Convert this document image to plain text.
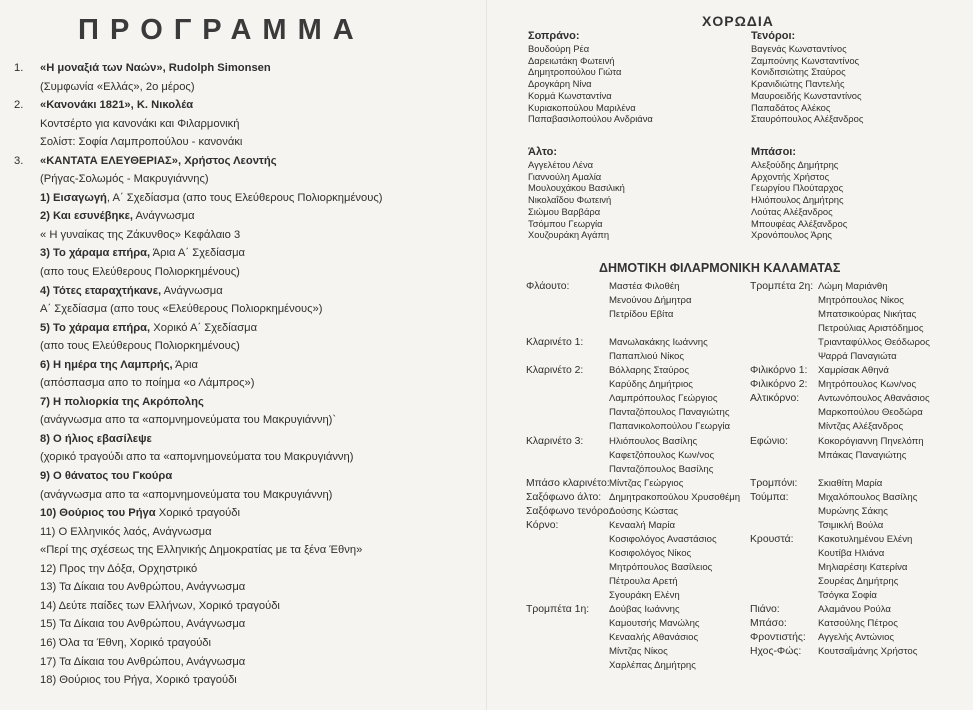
ΠΡΟΓΡΑΜΜΑ
1. «Η μοναξιά των Ναών», Rudolph Simonsen
(Συμφωνία «Ελλάς», 2ο μέρος)
2. «Κανονάκι 1821», Κ. Νικολέα
Κοντσέρτο για κανονάκι και Φιλαρμονική
Σολίστ: Σοφία Λαμπροπούλου - κανονάκι
3. «ΚΑΝΤΑΤΑ ΕΛΕΥΘΕΡΙΑΣ», Χρήστος Λεοντής
(Ρήγας-Σολωμός - Μακρυγιάννης)
1) Εισαγωγή, Α΄ Σχεδίασμα (απο τους Ελεύθερους Πολιορκημένους)
2) Και εσυνέβηκε, Ανάγνωσμα
« Η γυναίκας της Ζάκυνθος» Κεφάλαιο 3
3) Το χάραμα επήρα, Άρια Α΄ Σχεδίασμα
(απο τους Ελεύθερους Πολιορκημένους)
4) Τότες εταραχτήκανε, Ανάγνωσμα
Α΄ Σχεδίασμα (απο τους «Ελεύθερους Πολιορκημένους»)
5) Το χάραμα επήρα, Χορικό Α΄ Σχεδίασμα
(απο τους Ελεύθερους Πολιορκημένους)
6) Η ημέρα της Λαμπρής, Άρια
(απόσπασμα απο το ποίημα «ο Λάμπρος»)
7) Η πολιορκία της Ακρόπολης
(ανάγνωσμα απο τα «απομνημονεύματα του Μακρυγιάννη)`
8) Ο ήλιος εβασίλεψε
(χορικό τραγούδι απο τα «απομνημονεύματα του Μακρυγιάννη)
9) Ο θάνατος του Γκούρα
(ανάγνωσμα απο τα «απομνημονεύματα του Μακρυγιάννη)
10) Θούριος του Ρήγα Χορικό τραγούδι
11) Ο Ελληνικός λαός, Ανάγνωσμα
«Περί της σχέσεως της Ελληνικής Δημοκρατίας με τα ξένα Έθνη»
12) Προς την Δόξα, Ορχηστρικό
13) Τα Δίκαια του Ανθρώπου, Ανάγνωσμα
14) Δεύτε παίδες των Ελλήνων, Χορικό τραγούδι
15) Τα Δίκαια του Ανθρώπου, Ανάγνωσμα
16) Όλα τα Έθνη, Χορικό τραγούδι
17) Τα Δίκαια του Ανθρώπου, Ανάγνωσμα
18) Θούριος του Ρήγα, Χορικό τραγούδι
ΧΟΡΩΔΙΑ
Σοπράνο:
Βουδούρη Ρέα
Δαρειωτάκη Φωτεινή
Δημητροπούλου Γιώτα
Δρογκάρη Νίνα
Κορμά Κωνσταντίνα
Κυριακοπούλου Μαριλένα
Παπαβασιλοπούλου Ανδριάνα
Άλτο:
Αγγελέτου Λένα
Γιαννούλη Αμαλία
Μουλουχάκου Βασιλική
Νικολαΐδου Φωτεινή
Σιώμου Βαρβάρα
Τσόμπου Γεωργία
Χουζουράκη Αγάπη
Τενόροι:
Βαγενάς Κωνσταντίνος
Ζαμπούνης Κωνσταντίνος
Κονιδιτσιώτης Σταύρος
Κρανιδιώτης Παντελής
Μαυροειδής Κωνσταντίνος
Παπαδάτος Αλέκος
Σταυρόπουλος Αλέξανδρος
Μπάσοι:
Αλεξούδης Δημήτρης
Αρχοντής Χρήστος
Γεωργίου Πλούταρχος
Ηλιόπουλος Δημήτρης
Λούτας Αλέξανδρος
Μπουφέας Αλέξανδρος
Χρονόπουλος Άρης
ΔΗΜΟΤΙΚΗ ΦΙΛΑΡΜΟΝΙΚΗ ΚΑΛΑΜΑΤΑΣ
Φλάουτο:	Μαστέα Φιλοθέη
Μενούνου Δήμητρα
Πετρίδου Εβίτα
Κλαρινέτο 1:	Μανωλακάκης Ιωάννης
Παπαπλιού Νίκος
Κλαρινέτο 2:	Βόλλαρης Σταύρος
Καρύδης Δημήτριος
Λαμπρόπουλος Γεώργιος
Πανταζόπουλος Παναγιώτης
Παπανικολοπούλου Γεωργία
Κλαρινέτο 3:	Ηλιόπουλος Βασίλης
Καφετζόπουλος Κων/νος
Πανταζόπουλος Βασίλης
Μπάσο κλαρινέτο: Μίντζας Γεώργιος
Σαξόφωνο άλτο: Δημητρακοπούλου Χρυσοθέμη
Σαξόφωνο τενόρο:
Δούσης Κώστας
Κόρνο:	Κενααλή Μαρία
Κοσιφολόγος Αναστάσιος
Κοσιφολόγος Νίκος
Μητρόπουλος Βασίλειος
Πέτρουλα Αρετή
Σγουράκη Ελένη
Τρομπέτα 1η: Δούβας Ιωάννης
Καμουτσής Μανώλης
Κενααλής Αθανάσιος
Μίντζας Νίκος
Χαρλέπας Δημήτρης
Τρομπέτα 2η: Λώμη Μαριάνθη
Μητρόπουλος Νίκος
Μπατσικούρας Νικήτας
Πετρούλιας Αριστόδημος
Τριανταφύλλος Θεόδωρος
Ψαρρά Παναγιώτα
Φιλικόρνο 1: Χαμρίσακ Αθηνά
Φιλικόρνο 2: Μητρόπουλος Κων/νος
Αλτικόρνο: Αντωνόπουλος Αθανάσιος
Μαρκοπούλου Θεοδώρα
Μίντζας Αλέξανδρος
Εφώνιο:	Κοκορόγιαννη Πηνελόπη
Μπάκας Παναγιώτης
Τρομπόνι: Σκιαθίτη Μαρία
Τούμπα:	Μιχαλόπουλος Βασίλης
Μυρώνης Σάκης
Τσιμικλή Βούλα
Κρουστά:	Κακοτυλημένου Ελένη
Κουτίβα Ηλιάνα
Μηλιαρέσηι Κατερίνα
Σουρέας Δημήτρης
Τσόγκα Σοφία
Πιάνο:	Αλαμάνου Ρούλα
Μπάσο:	Κατσούλης Πέτρος
Φροντιστής: Αγγελής Αντώνιος
Ηχος-Φώς: Κουτσαΐμάνης Χρήστος
